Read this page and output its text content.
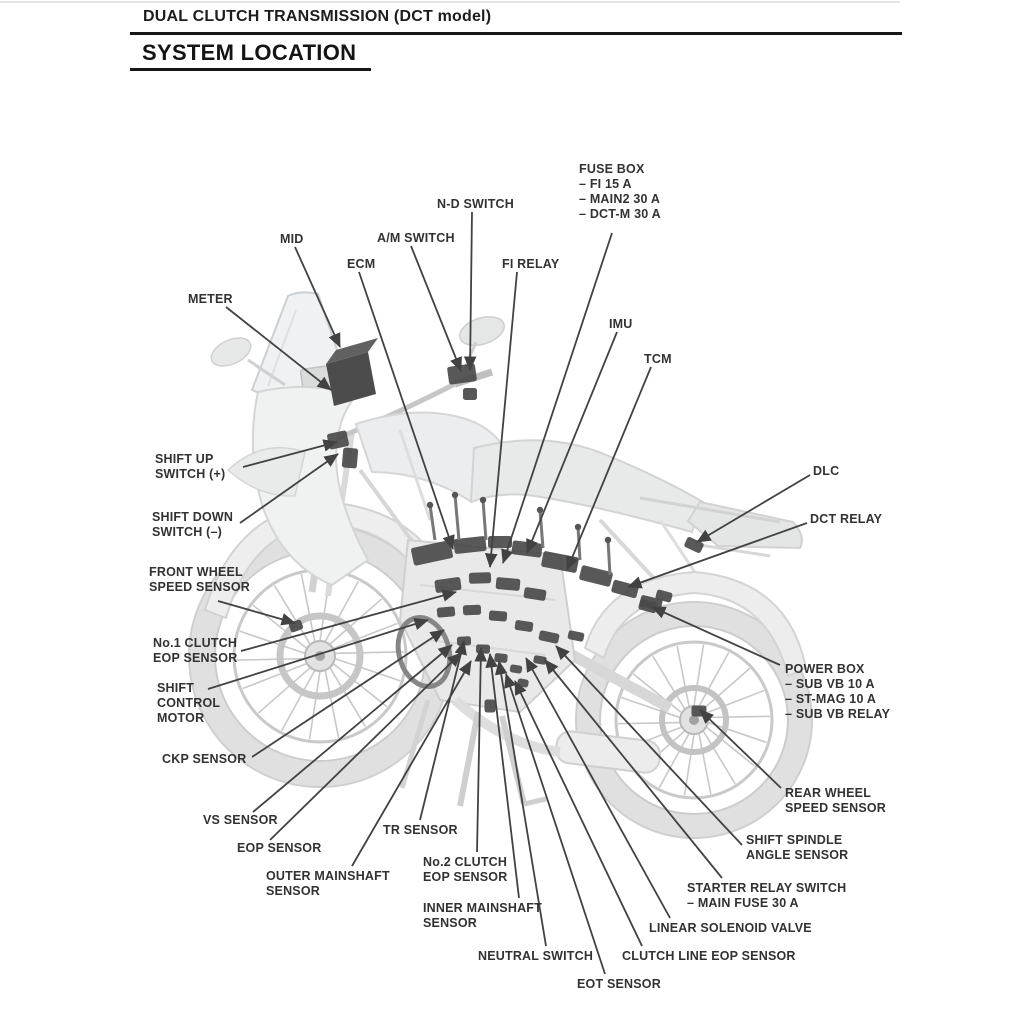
DUAL CLUTCH TRANSMISSION (DCT model)
SYSTEM LOCATION
FUSE BOX
– FI 15 A
– MAIN2 30 A
– DCT-M 30 A
N-D SWITCH
A/M SWITCH
MID
ECM	FI RELAY
METER
IMU
TCM
DLC
DCT RELAY
SHIFT UP
SWITCH (+)
SHIFT DOWN
SWITCH (–)
FRONT WHEEL
SPEED SENSOR
No.1 CLUTCH
EOP SENSOR
SHIFT
CONTROL
MOTOR
CKP SENSOR
VS SENSOR
EOP SENSOR
OUTER MAINSHAFT
SENSOR
TR SENSOR
No.2 CLUTCH
EOP SENSOR
INNER MAINSHAFT
SENSOR
NEUTRAL SWITCH
EOT SENSOR
CLUTCH LINE EOP SENSOR
LINEAR SOLENOID VALVE
STARTER RELAY SWITCH
– MAIN FUSE 30 A
SHIFT SPINDLE
ANGLE SENSOR
REAR WHEEL
SPEED SENSOR
POWER BOX
– SUB VB 10 A
– ST-MAG 10 A
– SUB VB RELAY
